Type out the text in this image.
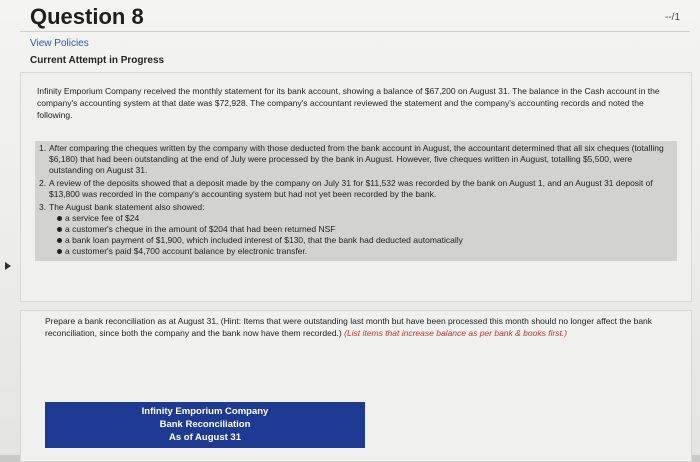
Question 8	--/1
View Policies
Current Attempt in Progress
Infinity Emporium Company received the monthly statement for its bank account, showing a balance of $67,200 on August 31. The balance in the Cash account in the company's accounting system at that date was $72,928. The company's accountant reviewed the statement and the company's accounting records and noted the following.
1. After comparing the cheques written by the company with those deducted from the bank account in August, the accountant determined that all six cheques (totalling $6,180) that had been outstanding at the end of July were processed by the bank in August. However, five cheques written in August, totalling $5,500, were outstanding on August 31.
2. A review of the deposits showed that a deposit made by the company on July 31 for $11,532 was recorded by the bank on August 1, and an August 31 deposit of $13,800 was recorded in the company's accounting system but had not yet been recorded by the bank.
3. The August bank statement also showed:
a service fee of $24
a customer's cheque in the amount of $204 that had been returned NSF
a bank loan payment of $1,900, which included interest of $130, that the bank had deducted automatically
a customer's paid $4,700 account balance by electronic transfer.
Prepare a bank reconciliation as at August 31. (Hint: Items that were outstanding last month but have been processed this month should no longer affect the bank reconciliation, since both the company and the bank now have them recorded.) (List items that increase balance as per bank & books first.)
Infinity Emporium Company
Bank Reconciliation
As of August 31
